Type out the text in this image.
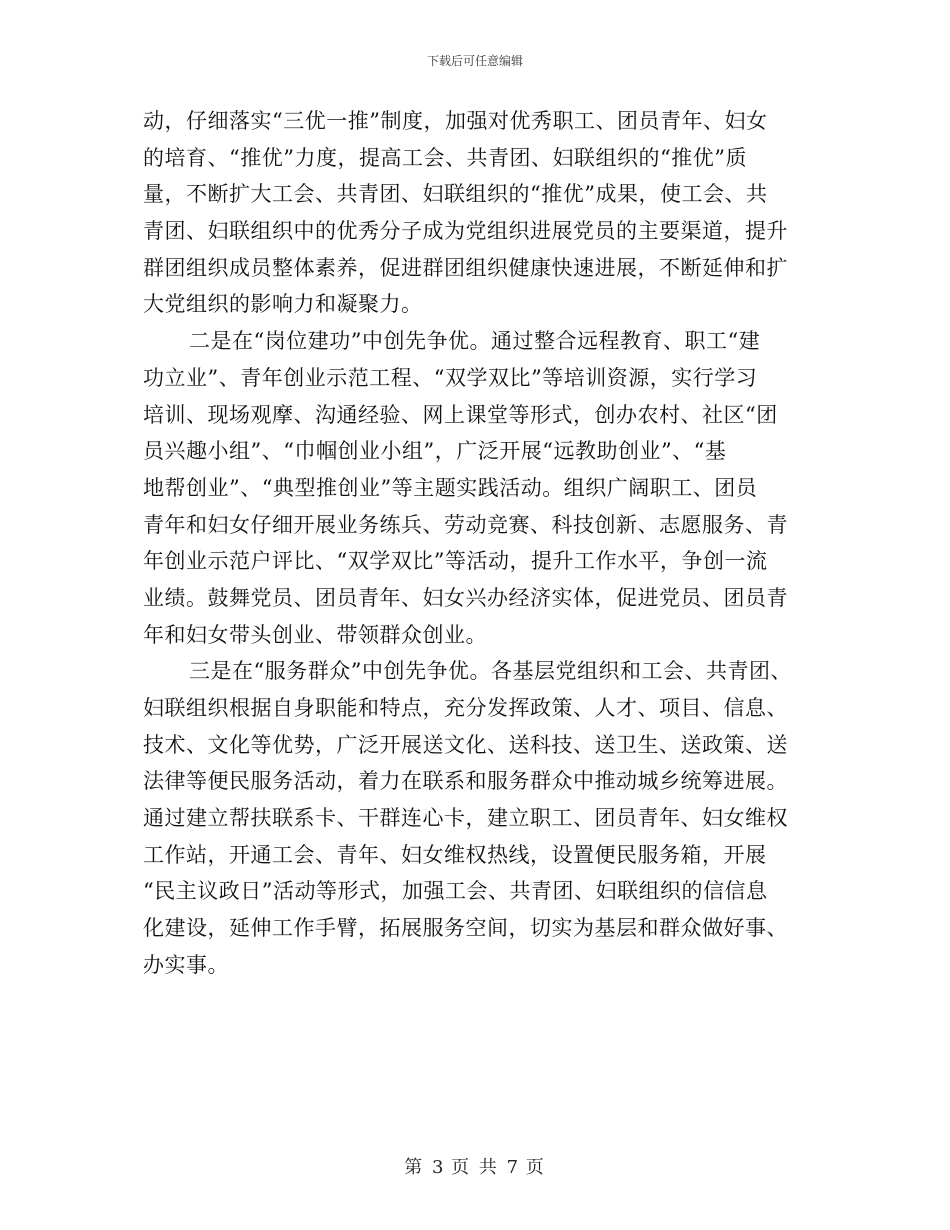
下载后可任意编辑

动，仔细落实“三优一推”制度，加强对优秀职工、团员青年、妇女
的培育、“推优”力度，提高工会、共青团、妇联组织的“推优”质
量，不断扩大工会、共青团、妇联组织的“推优”成果，使工会、共
青团、妇联组织中的优秀分子成为党组织进展党员的主要渠道，提升
群团组织成员整体素养，促进群团组织健康快速进展，不断延伸和扩
大党组织的影响力和凝聚力。

二是在“岗位建功”中创先争优。通过整合远程教育、职工“建
功立业”、青年创业示范工程、“双学双比”等培训资源，实行学习
培训、现场观摩、沟通经验、网上课堂等形式，创办农村、社区“团
员兴趣小组”、“巾帼创业小组”，广泛开展“远教助创业”、“基
地帮创业”、“典型推创业”等主题实践活动。组织广阔职工、团员
青年和妇女仔细开展业务练兵、劳动竞赛、科技创新、志愿服务、青
年创业示范户评比、“双学双比”等活动，提升工作水平，争创一流
业绩。鼓舞党员、团员青年、妇女兴办经济实体，促进党员、团员青
年和妇女带头创业、带领群众创业。

三是在“服务群众”中创先争优。各基层党组织和工会、共青团、
妇联组织根据自身职能和特点，充分发挥政策、人才、项目、信息、
技术、文化等优势，广泛开展送文化、送科技、送卫生、送政策、送
法律等便民服务活动，着力在联系和服务群众中推动城乡统筹进展。
通过建立帮扶联系卡、干群连心卡，建立职工、团员青年、妇女维权
工作站，开通工会、青年、妇女维权热线，设置便民服务箱，开展
“民主议政日”活动等形式，加强工会、共青团、妇联组织的信信息
化建设，延伸工作手臂，拓展服务空间，切实为基层和群众做好事、
办实事。

第 3 页 共 7 页
